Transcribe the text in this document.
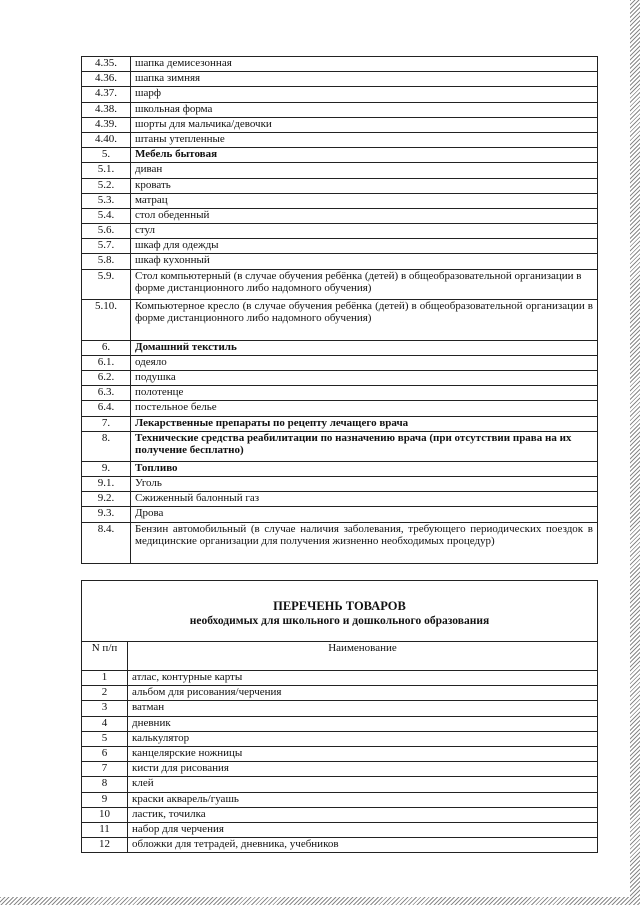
4.35.	шапка демисезонная
4.36.	шапка зимняя
4.37.	шарф
4.38.	школьная форма
4.39.	шорты для мальчика/девочки
4.40.	штаны утепленные
5.	Мебель бытовая
5.1.	диван
5.2.	кровать
5.3.	матрац
5.4.	стол обеденный
5.6.	стул
5.7.	шкаф для одежды
5.8.	шкаф кухонный
5.9.	Стол компьютерный (в случае обучения ребёнка (детей) в общеобразовательной организации в форме дистанционного либо надомного обучения)
5.10.	Компьютерное кресло (в случае обучения ребёнка (детей) в общеобразовательной организации в форме дистанционного либо надомного обучения)
6.	Домашний текстиль
6.1.	одеяло
6.2.	подушка
6.3.	полотенце
6.4.	постельное белье
7.	Лекарственные препараты по рецепту лечащего врача
8.	Технические средства реабилитации по назначению врача (при отсутствии права на их получение бесплатно)
9.	Топливо
9.1.	Уголь
9.2.	Сжиженный балонный газ
9.3.	Дрова
8.4.	Бензин автомобильный (в случае наличия заболевания, требующего периодических поездок в медицинские организации для получения жизненно необходимых процедур)
ПЕРЕЧЕНЬ ТОВАРОВ
необходимых для школьного и дошкольного образования	

N п/п	Наименование
1	атлас, контурные карты
2	альбом для рисования/черчения
3	ватман
4	дневник
5	калькулятор
6	канцелярские ножницы
7	кисти для рисования
8	клей
9	краски акварель/гуашь
10	ластик, точилка
11	набор для черчения
12	обложки для тетрадей, дневника, учебников
